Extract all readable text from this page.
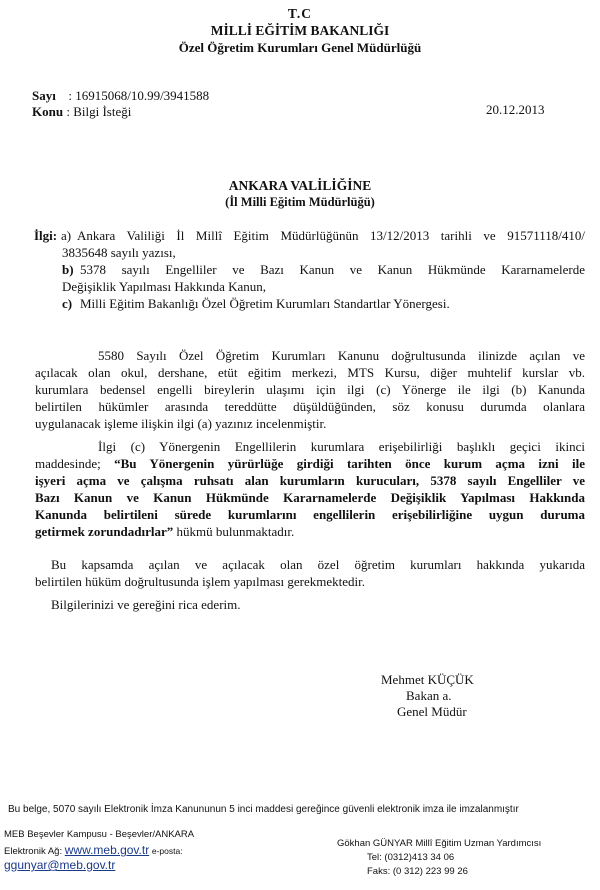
T.C
MİLLİ EĞİTİM BAKANLIĞI
Özel Öğretim Kurumları Genel Müdürlüğü
Sayı : 16915068/10.99/3941588
Konu : Bilgi İsteği	20.12.2013
ANKARA VALİLİĞİNE
(İl Milli Eğitim Müdürlüğü)
İlgi: a) Ankara Valiliği İl Millî Eğitim Müdürlüğünün 13/12/2013 tarihli ve 91571118/410/
3835648 sayılı yazısı,
b) 5378 sayılı Engelliler ve Bazı Kanun ve Kanun Hükmünde Kararnamelerde
Değişiklik Yapılması Hakkında Kanun,
c) Milli Eğitim Bakanlığı Özel Öğretim Kurumları Standartlar Yönergesi.
5580 Sayılı Özel Öğretim Kurumları Kanunu doğrultusunda ilinizde açılan ve
açılacak olan okul, dershane, etüt eğitim merkezi, MTS Kursu, diğer muhtelif kurslar vb.
kurumlara bedensel engelli bireylerin ulaşımı için ilgi (c) Yönerge ile ilgi (b) Kanunda
belirtilen hükümler arasında tereddütte düşüldüğünden, söz konusu durumda olanlara
uygulanacak işleme ilişkin ilgi (a) yazınız incelenmiştir.
İlgi (c) Yönergenin Engellilerin kurumlara erişebilirliği başlıklı geçici ikinci
maddesinde; “Bu Yönergenin yürürlüğe girdiği tarihten önce kurum açma izni ile
işyeri açma ve çalışma ruhsatı alan kurumların kurucuları, 5378 sayılı Engelliler ve
Bazı Kanun ve Kanun Hükmünde Kararnamelerde Değişiklik Yapılması Hakkında
Kanunda belirtileni sürede kurumlarını engellilerin erişebilirliğine uygun duruma
getirmek zorundadırlar” hükmü bulunmaktadır.
Bu kapsamda açılan ve açılacak olan özel öğretim kurumları hakkında yukarıda
belirtilen hüküm doğrultusunda işlem yapılması gerekmektedir.
Bilgilerinizi ve gereğini rica ederim.
Mehmet KÜÇÜK
Bakan a.
Genel Müdür
Bu belge, 5070 sayılı Elektronik İmza Kanununun 5 inci maddesi gereğince güvenli elektronik imza ile imzalanmıştır
MEB Beşevler Kampusu - Beşevler/ANKARA
Elektronik Ağ: www.meb.gov.tr e-posta:
ggunyar@meb.gov.tr
Gökhan GÜNYAR Millî Eğitim Uzman Yardımcısı
Tel: (0312)413 34 06
Faks: (0 312) 223 99 26
